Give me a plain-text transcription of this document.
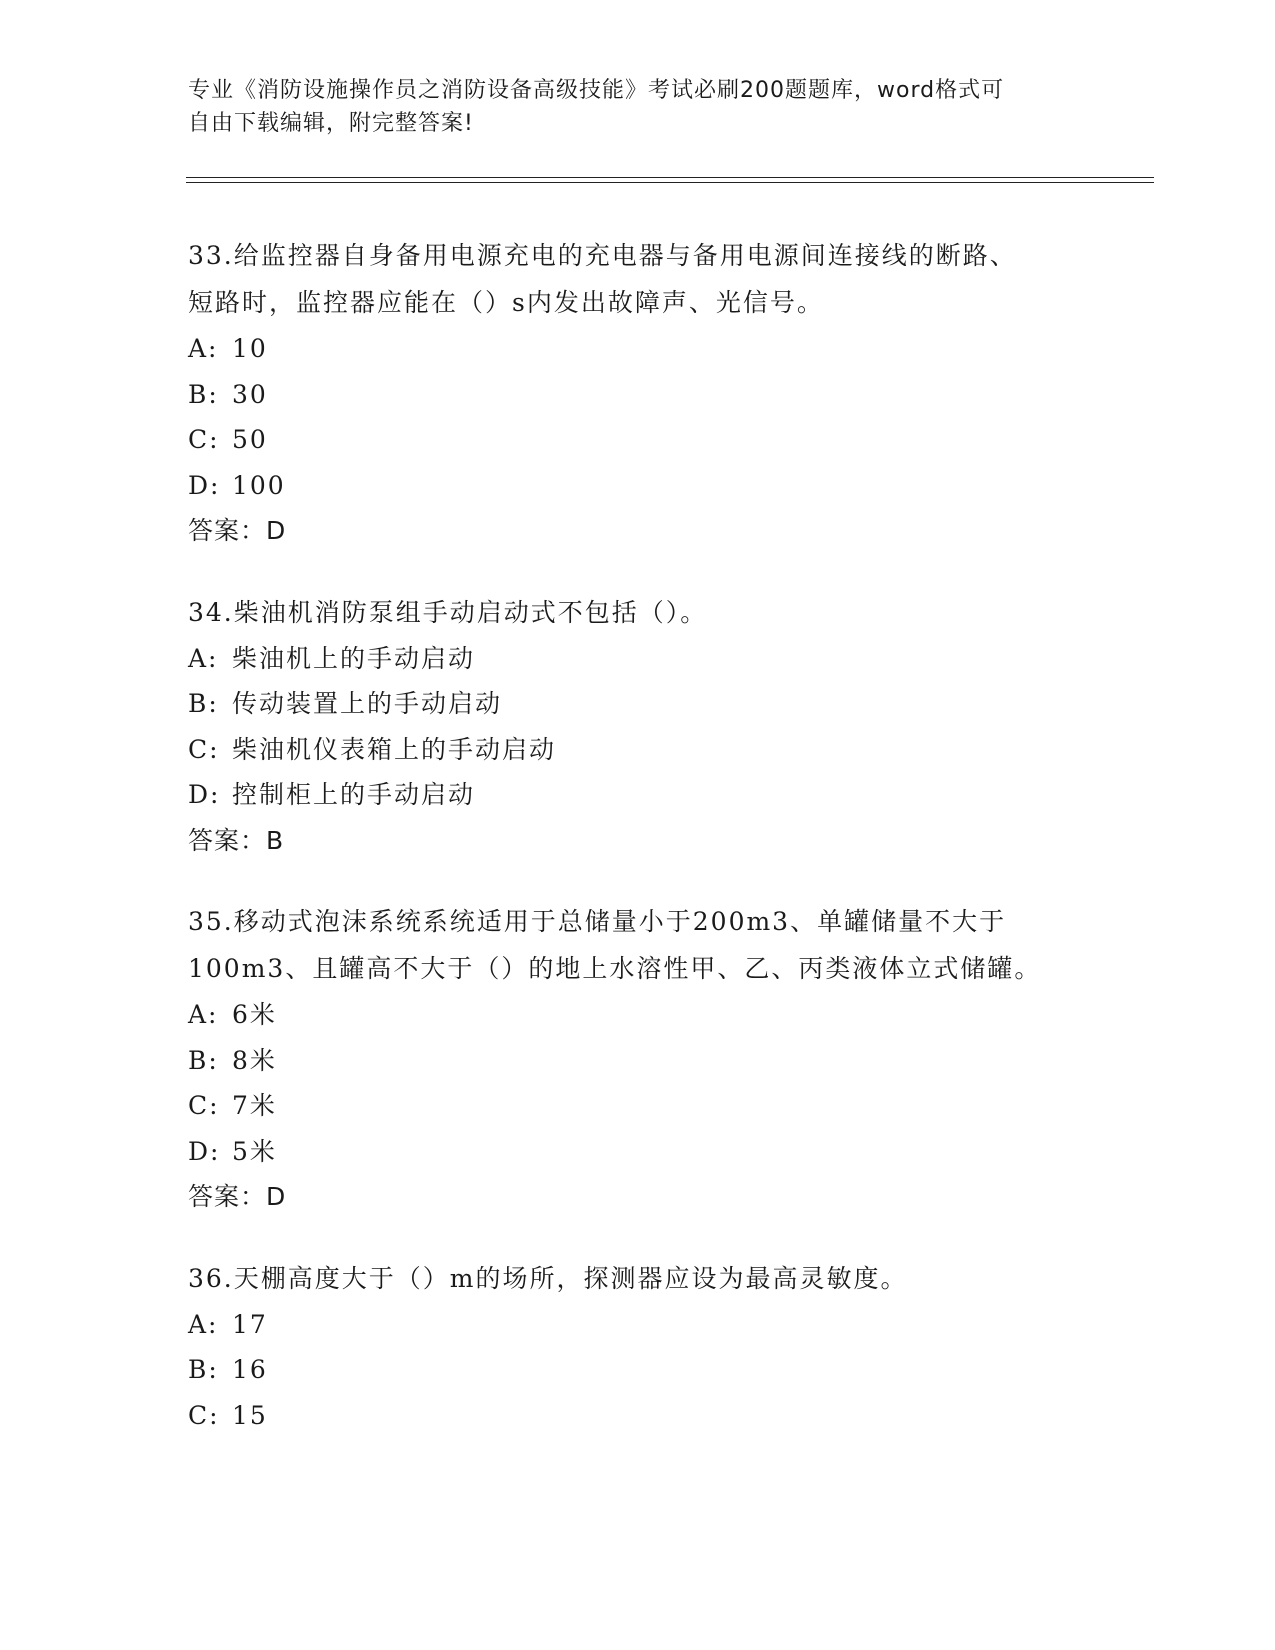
专业《消防设施操作员之消防设备高级技能》考试必刷200题题库，word格式可
自由下载编辑，附完整答案!
33.给监控器自身备用电源充电的充电器与备用电源间连接线的断路、
短路时，监控器应能在（）s内发出故障声、光信号。
A: 10
B: 30
C: 50
D: 100
答案：D
34.柴油机消防泵组手动启动式不包括（）。
A: 柴油机上的手动启动
B: 传动装置上的手动启动
C: 柴油机仪表箱上的手动启动
D: 控制柜上的手动启动
答案：B
35.移动式泡沫系统系统适用于总储量小于200m3、单罐储量不大于
100m3、且罐高不大于（）的地上水溶性甲、乙、丙类液体立式储罐。
A: 6米
B: 8米
C: 7米
D: 5米
答案：D
36.天棚高度大于（）m的场所，探测器应设为最高灵敏度。
A: 17
B: 16
C: 15
